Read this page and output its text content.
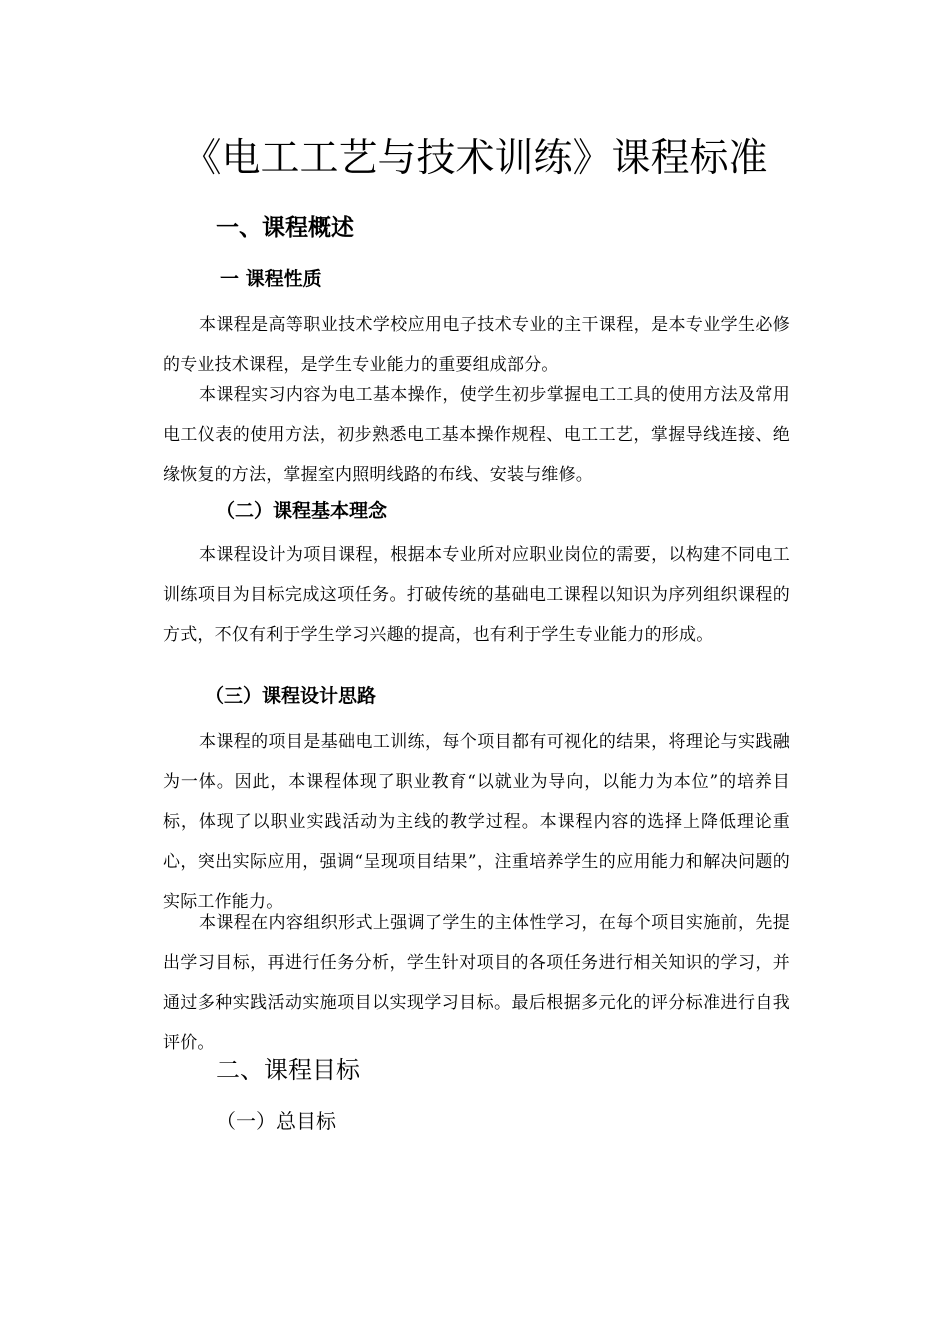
《电工工艺与技术训练》课程标准
一、课程概述
一 课程性质

本课程是高等职业技术学校应用电子技术专业的主干课程，是本专业学生必修的专业技术课程，是学生专业能力的重要组成部分。

本课程实习内容为电工基本操作，使学生初步掌握电工工具的使用方法及常用电工仪表的使用方法，初步熟悉电工基本操作规程、电工工艺，掌握导线连接、绝缘恢复的方法，掌握室内照明线路的布线、安装与维修。

（二）课程基本理念

本课程设计为项目课程，根据本专业所对应职业岗位的需要，以构建不同电工训练项目为目标完成这项任务。打破传统的基础电工课程以知识为序列组织课程的方式，不仅有利于学生学习兴趣的提高，也有利于学生专业能力的形成。

（三）课程设计思路

本课程的项目是基础电工训练，每个项目都有可视化的结果，将理论与实践融为一体。因此，本课程体现了职业教育“以就业为导向，以能力为本位”的培养目标，体现了以职业实践活动为主线的教学过程。本课程内容的选择上降低理论重心，突出实际应用，强调“呈现项目结果”，注重培养学生的应用能力和解决问题的实际工作能力。

本课程在内容组织形式上强调了学生的主体性学习，在每个项目实施前，先提出学习目标，再进行任务分析，学生针对项目的各项任务进行相关知识的学习，并通过多种实践活动实施项目以实现学习目标。最后根据多元化的评分标准进行自我评价。

二、课程目标
（一）总目标
